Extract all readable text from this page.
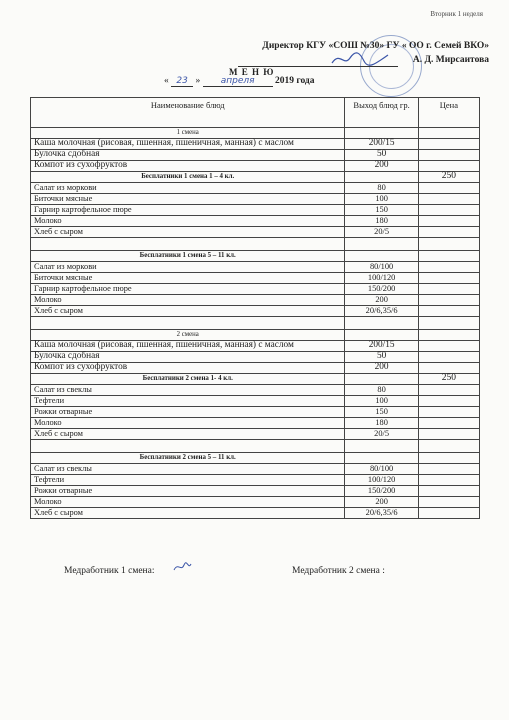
Вторник 1 неделя
Директор КГУ «СОШ №30» ГУ « ОО г. Семей ВКО»
А. Д. Мирсаитова
М Е Н Ю
« 23 » апреля 2019 года
Наименование блюд	Выход блюд гр.	Цена
1 смена		
Каша молочная (рисовая, пшенная, пшеничная, манная) с маслом	200/15	
Булочка сдобная	50	
Компот из сухофруктов	200	
Бесплатники 1 смена 1 – 4 кл.		250
Салат из моркови	80	
Биточки мясные	100	
Гарнир картофельное пюре	150	
Молоко	180	
Хлеб с сыром	20/5	

Бесплатники 1 смена 5 – 11 кл.		
Салат из моркови	80/100	
Биточки мясные	100/120	
Гарнир картофельное пюре	150/200	
Молоко	200	
Хлеб с сыром	20/6,35/6	

2 смена		
Каша молочная (рисовая, пшенная, пшеничная, манная) с маслом	200/15	
Булочка сдобная	50	
Компот из сухофруктов	200	
Бесплатники 2 смена 1- 4 кл.		250
Салат из свеклы	80	
Тефтели	100	
Рожки отварные	150	
Молоко	180	
Хлеб с сыром	20/5	

Бесплатники 2 смена 5 – 11 кл.		
Салат из свеклы	80/100	
Тефтели	100/120	
Рожки отварные	150/200	
Молоко	200	
Хлеб с сыром	20/6,35/6	
Медработник 1 смена:	Медработник 2 смена :
